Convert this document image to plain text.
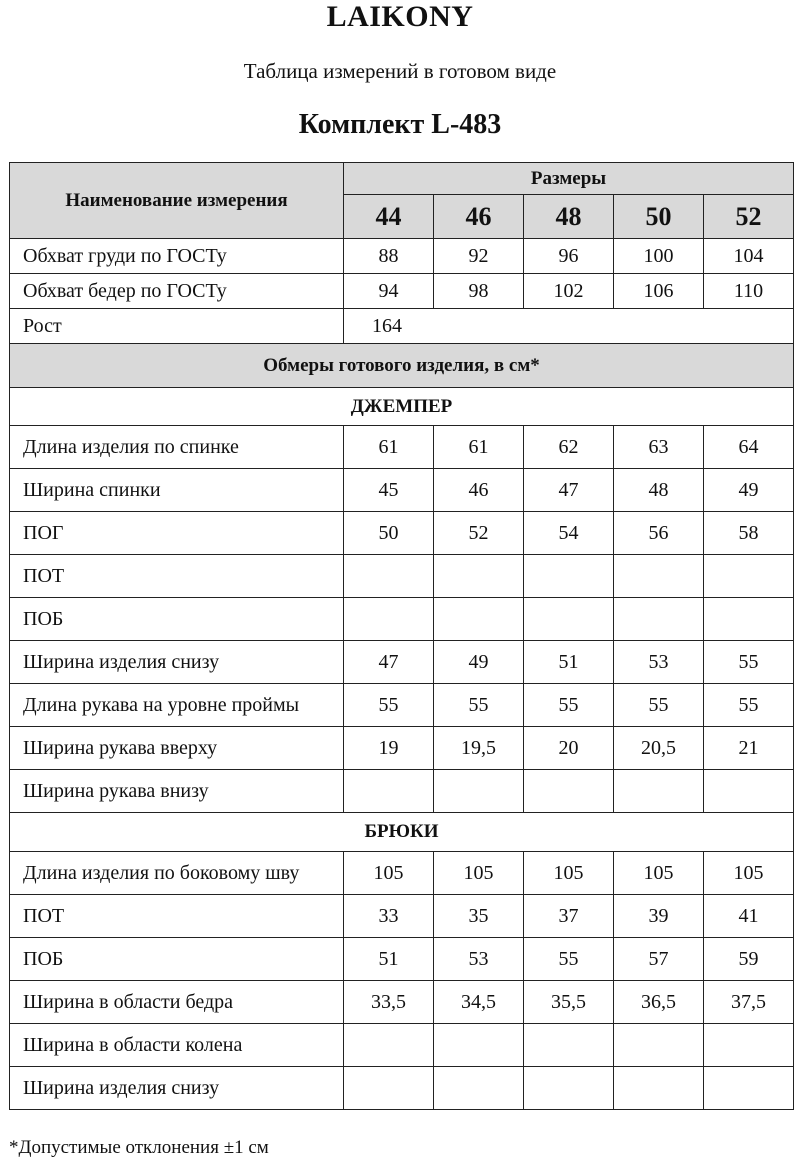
LAIKONY
Таблица измерений в готовом виде
Комплект L-483
Наименование измерения	Размеры				
	44	46	48	50	52
Обхват груди по ГОСТу	88	92	96	100	104
Обхват бедер по ГОСТу	94	98	102	106	110
Рост	164				
Обмеры готового изделия, в см*					
ДЖЕМПЕР					
Длина изделия по спинке	61	61	62	63	64
Ширина спинки	45	46	47	48	49
ПОГ	50	52	54	56	58
ПОТ					
ПОБ					
Ширина изделия снизу	47	49	51	53	55
Длина рукава на уровне проймы	55	55	55	55	55
Ширина рукава вверху	19	19,5	20	20,5	21
Ширина рукава внизу					
БРЮКИ					
Длина изделия по боковому шву	105	105	105	105	105
ПОТ	33	35	37	39	41
ПОБ	51	53	55	57	59
Ширина в области бедра	33,5	34,5	35,5	36,5	37,5
Ширина в области колена					
Ширина изделия снизу					
*Допустимые отклонения ±1 см
